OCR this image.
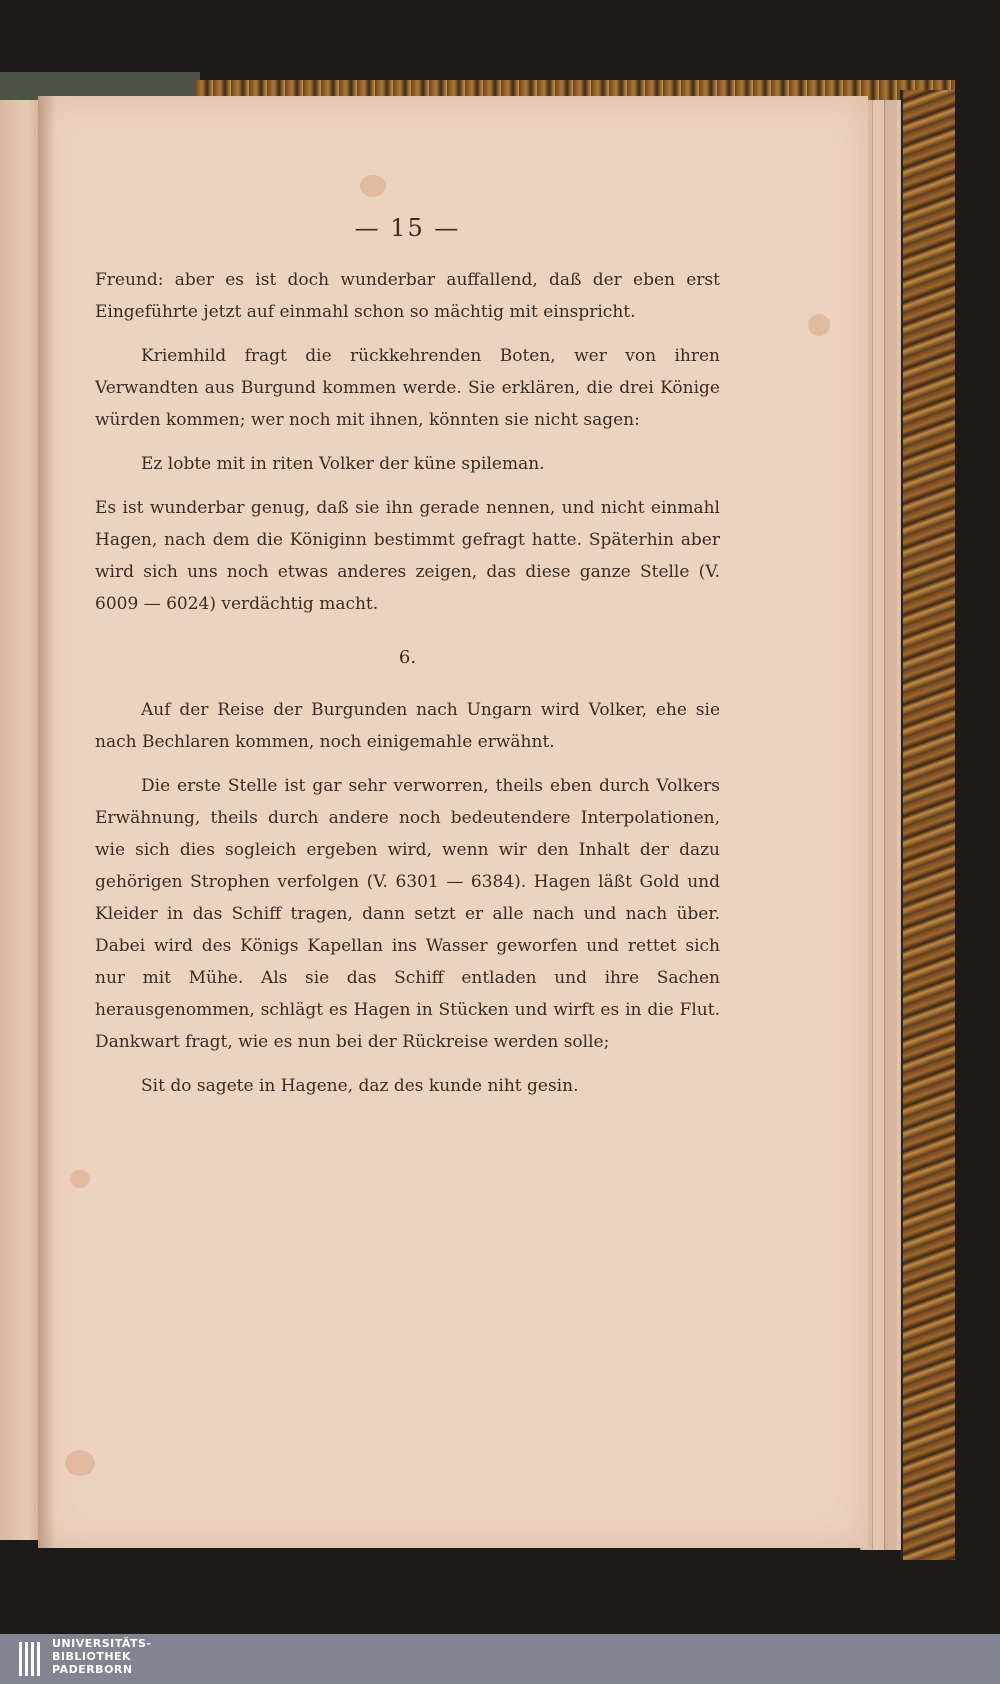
— 15 —

Freund: aber es ist doch wunderbar auffallend, daß der eben erst Eingeführte jetzt auf einmahl schon so mächtig mit einspricht.

Kriemhild fragt die rückkehrenden Boten, wer von ihren Verwandten aus Burgund kommen werde. Sie erklären, die drei Könige würden kommen; wer noch mit ihnen, könnten sie nicht sagen:

Ez lobte mit in riten Volker der küne spileman.

Es ist wunderbar genug, daß sie ihn gerade nennen, und nicht einmahl Hagen, nach dem die Königinn bestimmt gefragt hatte. Späterhin aber wird sich uns noch etwas anderes zeigen, das diese ganze Stelle (V. 6009 — 6024) verdächtig macht.

6.

Auf der Reise der Burgunden nach Ungarn wird Volker, ehe sie nach Bechlaren kommen, noch einigemahle erwähnt.

Die erste Stelle ist gar sehr verworren, theils eben durch Volkers Erwähnung, theils durch andere noch bedeutendere Interpolationen, wie sich dies sogleich ergeben wird, wenn wir den Inhalt der dazu gehörigen Strophen verfolgen (V. 6301 — 6384). Hagen läßt Gold und Kleider in das Schiff tragen, dann setzt er alle nach und nach über. Dabei wird des Königs Kapellan ins Wasser geworfen und rettet sich nur mit Mühe. Als sie das Schiff entladen und ihre Sachen herausgenommen, schlägt es Hagen in Stücken und wirft es in die Flut. Dankwart fragt, wie es nun bei der Rückreise werden solle;

Sit do sagete in Hagene, daz des kunde niht gesin.

UNIVERSITÄTS-
BIBLIOTHEK
PADERBORN
